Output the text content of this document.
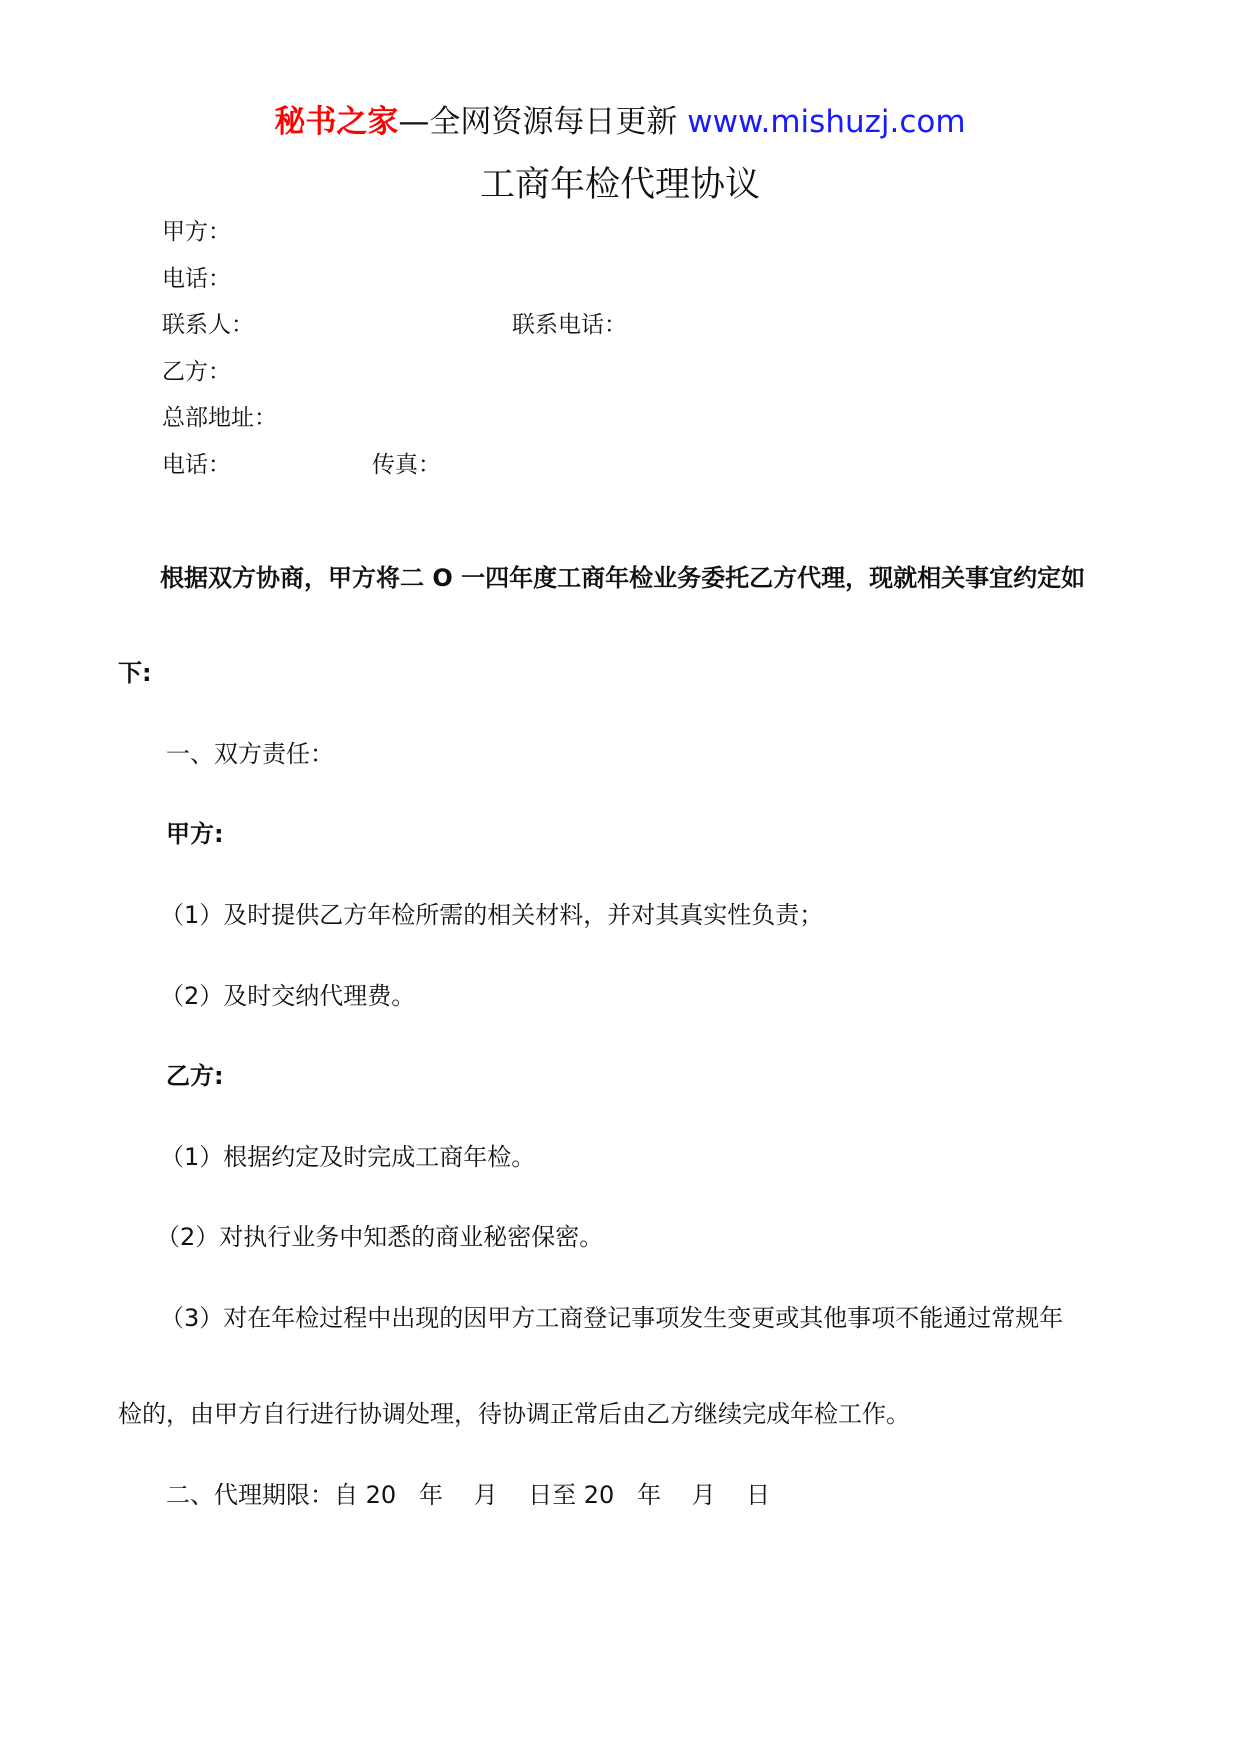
秘书之家—全网资源每日更新 www.mishuzj.com
工商年检代理协议
甲方：
电话：
联系人：	联系电话：
乙方：
总部地址：
电话：	传真：
根据双方协商，甲方将二 O 一四年度工商年检业务委托乙方代理，现就相关事宜约定如
下:
一、双方责任：
甲方:
（1）及时提供乙方年检所需的相关材料，并对其真实性负责；
（2）及时交纳代理费。
乙方:
（1）根据约定及时完成工商年检。
（2）对执行业务中知悉的商业秘密保密。
（3）对在年检过程中出现的因甲方工商登记事项发生变更或其他事项不能通过常规年
检的，由甲方自行进行协调处理，待协调正常后由乙方继续完成年检工作。
二、代理期限：自 20   年    月    日至 20   年    月    日
